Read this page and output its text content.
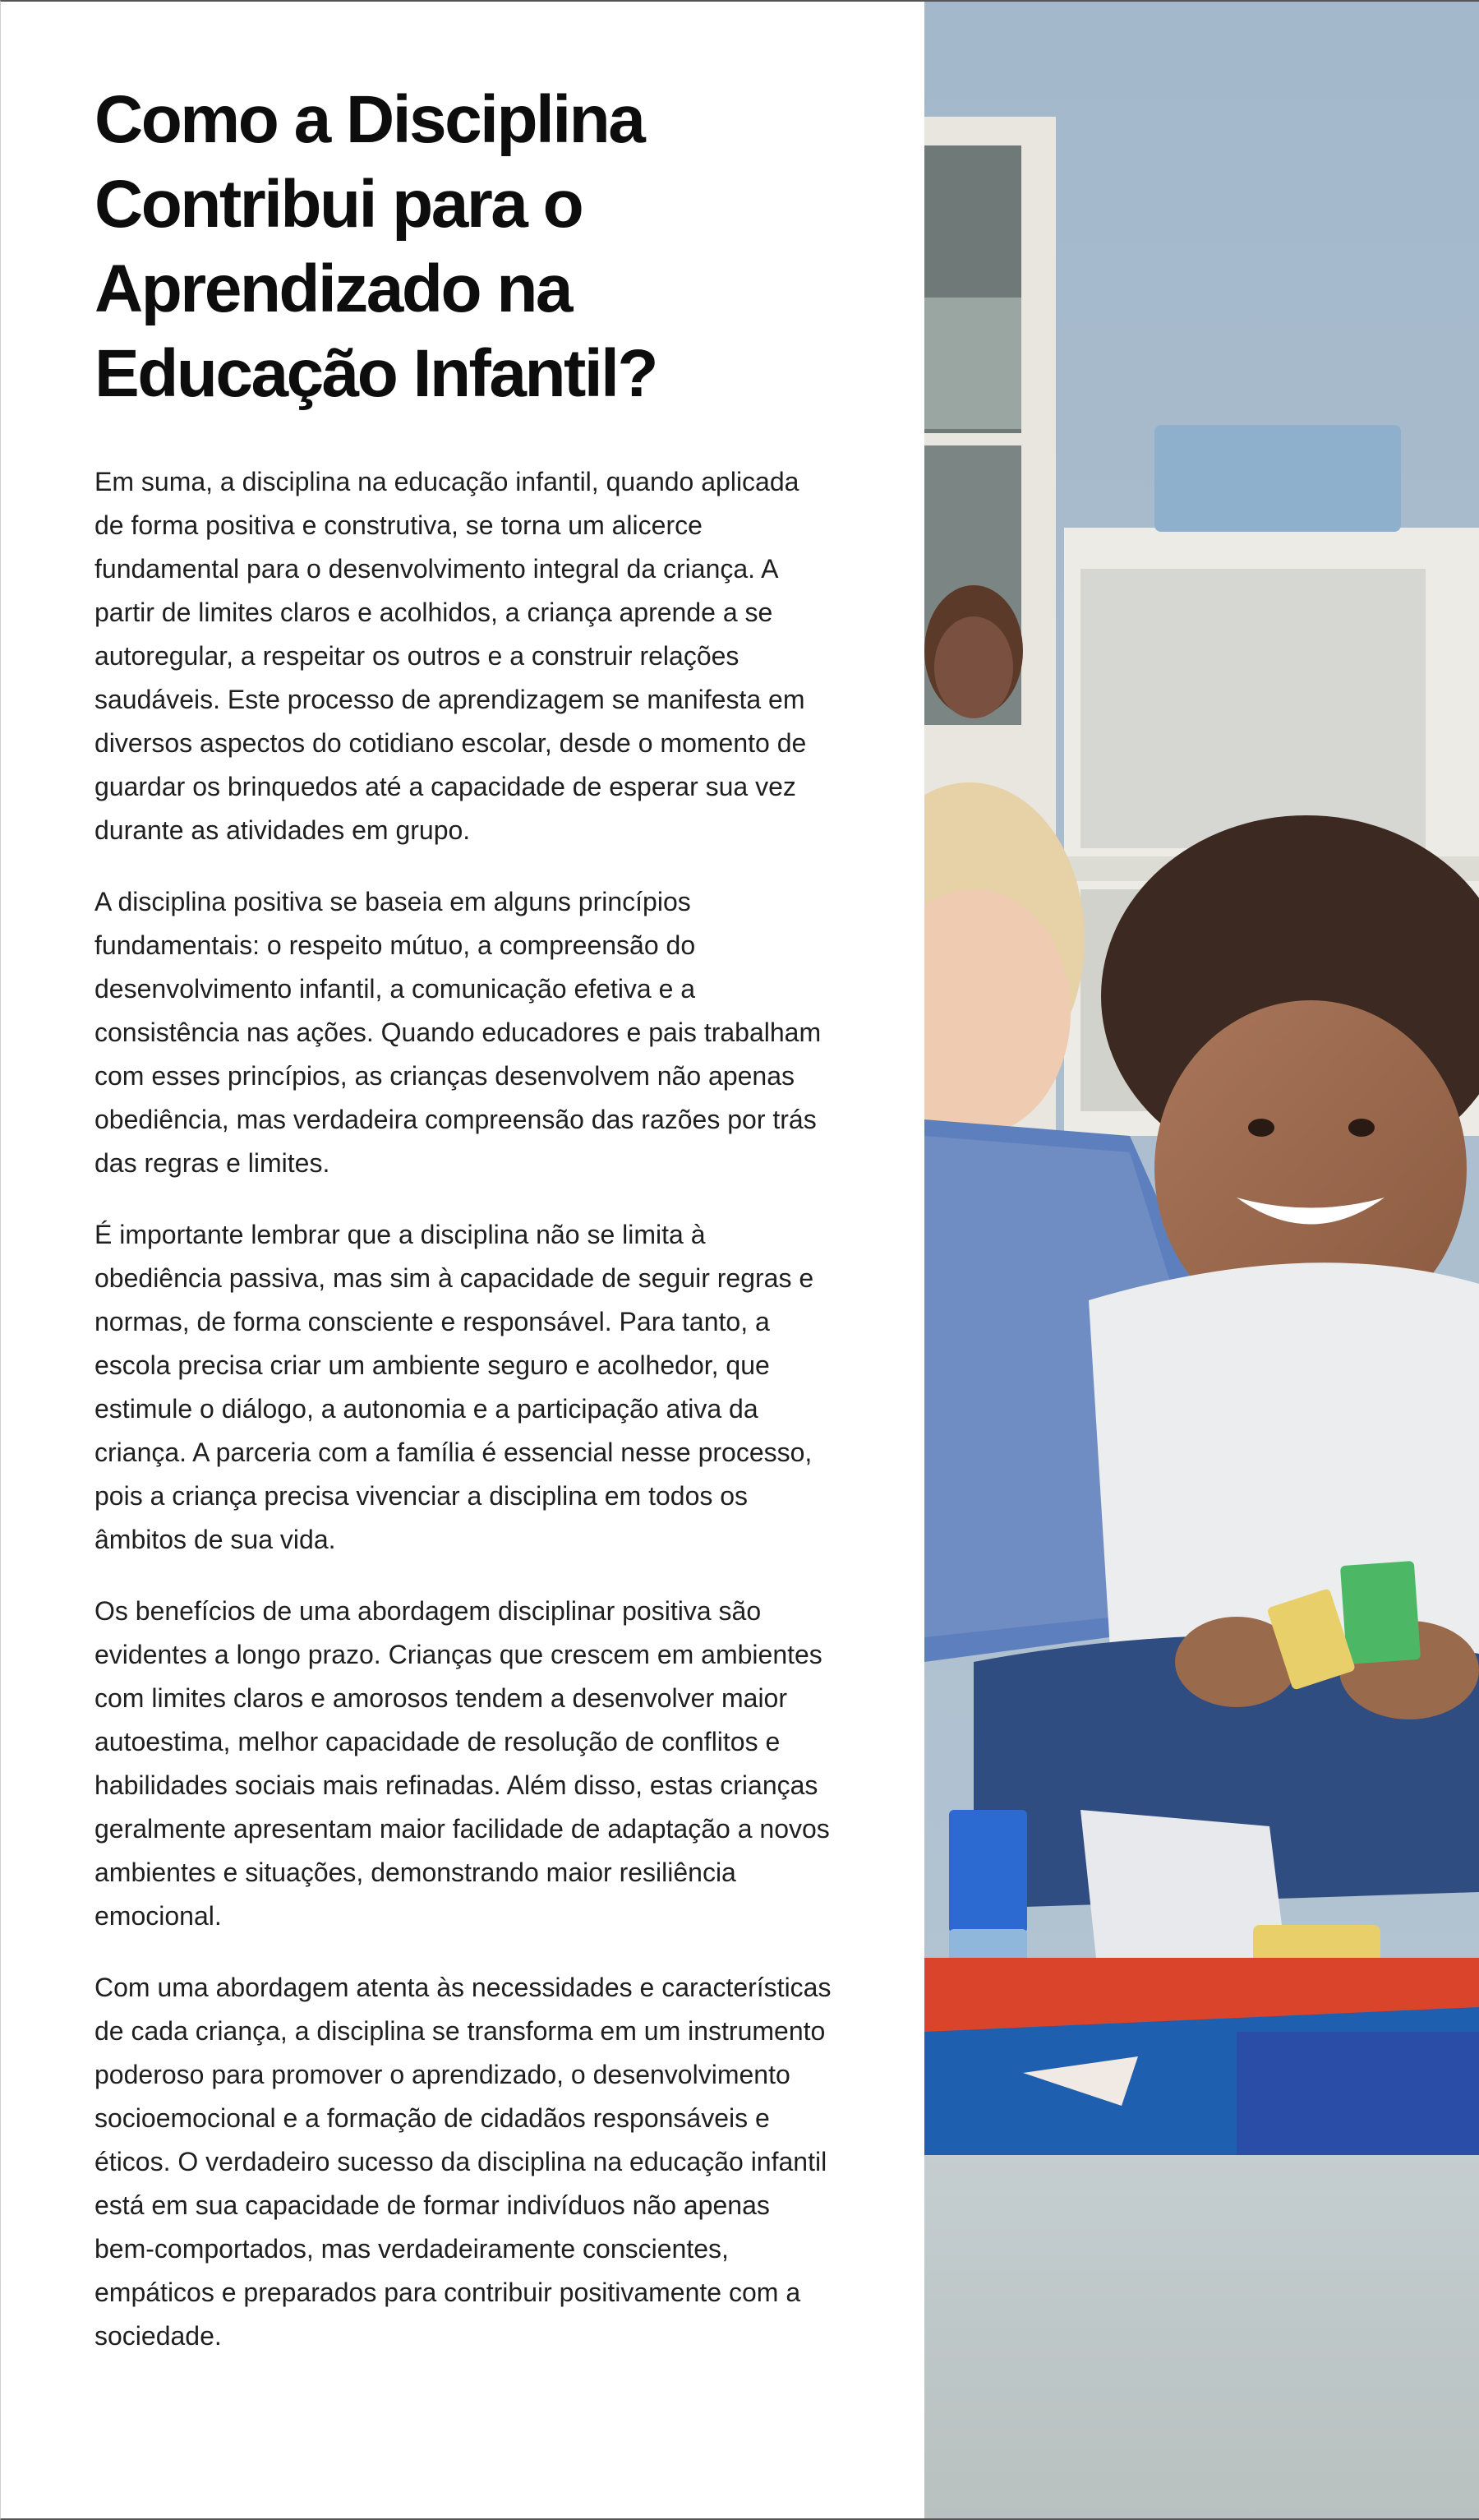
Como a Disciplina Contribui para o Aprendizado na Educação Infantil?

Em suma, a disciplina na educação infantil, quando aplicada de forma positiva e construtiva, se torna um alicerce fundamental para o desenvolvimento integral da criança. A partir de limites claros e acolhidos, a criança aprende a se autoregular, a respeitar os outros e a construir relações saudáveis. Este processo de aprendizagem se manifesta em diversos aspectos do cotidiano escolar, desde o momento de guardar os brinquedos até a capacidade de esperar sua vez durante as atividades em grupo.

A disciplina positiva se baseia em alguns princípios fundamentais: o respeito mútuo, a compreensão do desenvolvimento infantil, a comunicação efetiva e a consistência nas ações. Quando educadores e pais trabalham com esses princípios, as crianças desenvolvem não apenas obediência, mas verdadeira compreensão das razões por trás das regras e limites.

É importante lembrar que a disciplina não se limita à obediência passiva, mas sim à capacidade de seguir regras e normas, de forma consciente e responsável. Para tanto, a escola precisa criar um ambiente seguro e acolhedor, que estimule o diálogo, a autonomia e a participação ativa da criança. A parceria com a família é essencial nesse processo, pois a criança precisa vivenciar a disciplina em todos os âmbitos de sua vida.

Os benefícios de uma abordagem disciplinar positiva são evidentes a longo prazo. Crianças que crescem em ambientes com limites claros e amorosos tendem a desenvolver maior autoestima, melhor capacidade de resolução de conflitos e habilidades sociais mais refinadas. Além disso, estas crianças geralmente apresentam maior facilidade de adaptação a novos ambientes e situações, demonstrando maior resiliência emocional.

Com uma abordagem atenta às necessidades e características de cada criança, a disciplina se transforma em um instrumento poderoso para promover o aprendizado, o desenvolvimento socioemocional e a formação de cidadãos responsáveis e éticos. O verdadeiro sucesso da disciplina na educação infantil está em sua capacidade de formar indivíduos não apenas bem-comportados, mas verdadeiramente conscientes, empáticos e preparados para contribuir positivamente com a sociedade.
